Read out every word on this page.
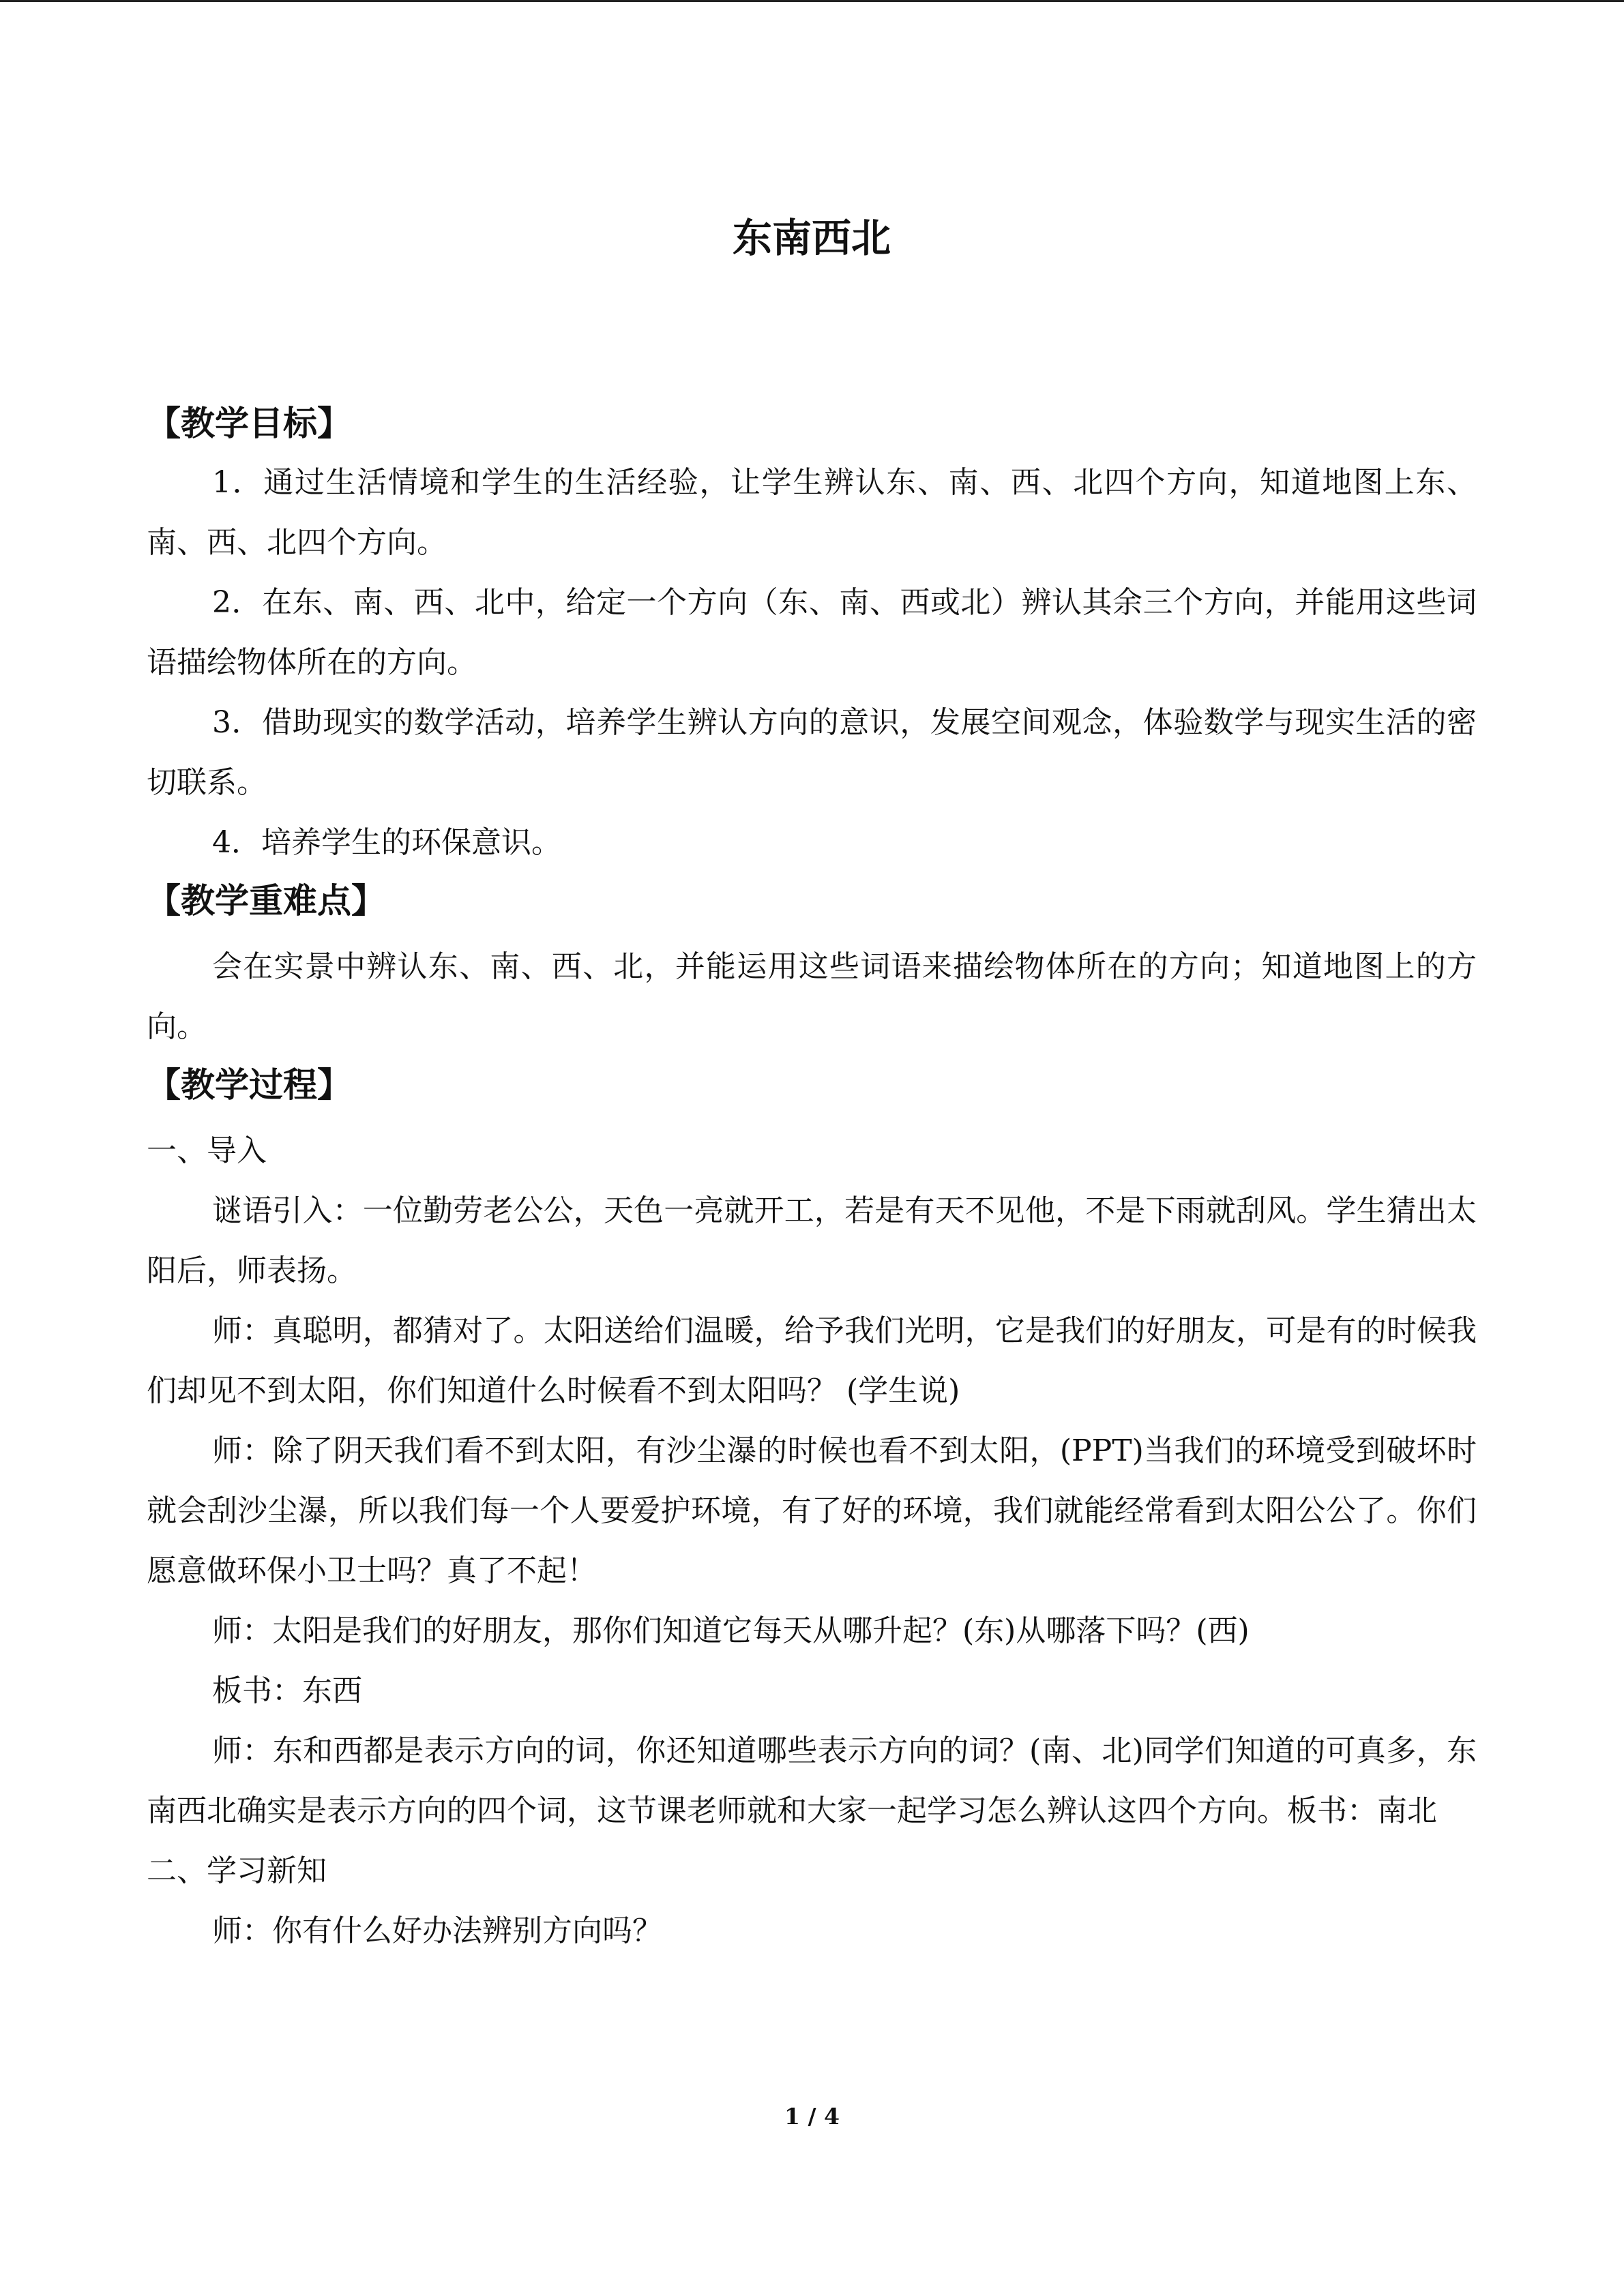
东南西北
【教学目标】

1．通过生活情境和学生的生活经验，让学生辨认东、南、西、北四个方向，知道地图上东、南、西、北四个方向。

2．在东、南、西、北中，给定一个方向（东、南、西或北）辨认其余三个方向，并能用这些词语描绘物体所在的方向。

3．借助现实的数学活动，培养学生辨认方向的意识，发展空间观念，体验数学与现实生活的密切联系。

4．培养学生的环保意识。

【教学重难点】

会在实景中辨认东、南、西、北，并能运用这些词语来描绘物体所在的方向；知道地图上的方向。

【教学过程】

一、导入

谜语引入：一位勤劳老公公，天色一亮就开工，若是有天不见他，不是下雨就刮风。学生猜出太阳后，师表扬。

师：真聪明，都猜对了。太阳送给们温暖，给予我们光明，它是我们的好朋友，可是有的时候我们却见不到太阳，你们知道什么时候看不到太阳吗？ (学生说)

师：除了阴天我们看不到太阳，有沙尘瀑的时候也看不到太阳，(PPT)当我们的环境受到破坏时就会刮沙尘瀑，所以我们每一个人要爱护环境，有了好的环境，我们就能经常看到太阳公公了。你们愿意做环保小卫士吗？真了不起！

师：太阳是我们的好朋友，那你们知道它每天从哪升起？(东)从哪落下吗？(西)

板书：东西

师：东和西都是表示方向的词，你还知道哪些表示方向的词？(南、北)同学们知道的可真多，东南西北确实是表示方向的四个词，这节课老师就和大家一起学习怎么辨认这四个方向。板书：南北

二、学习新知

师：你有什么好办法辨别方向吗？

1 / 4
